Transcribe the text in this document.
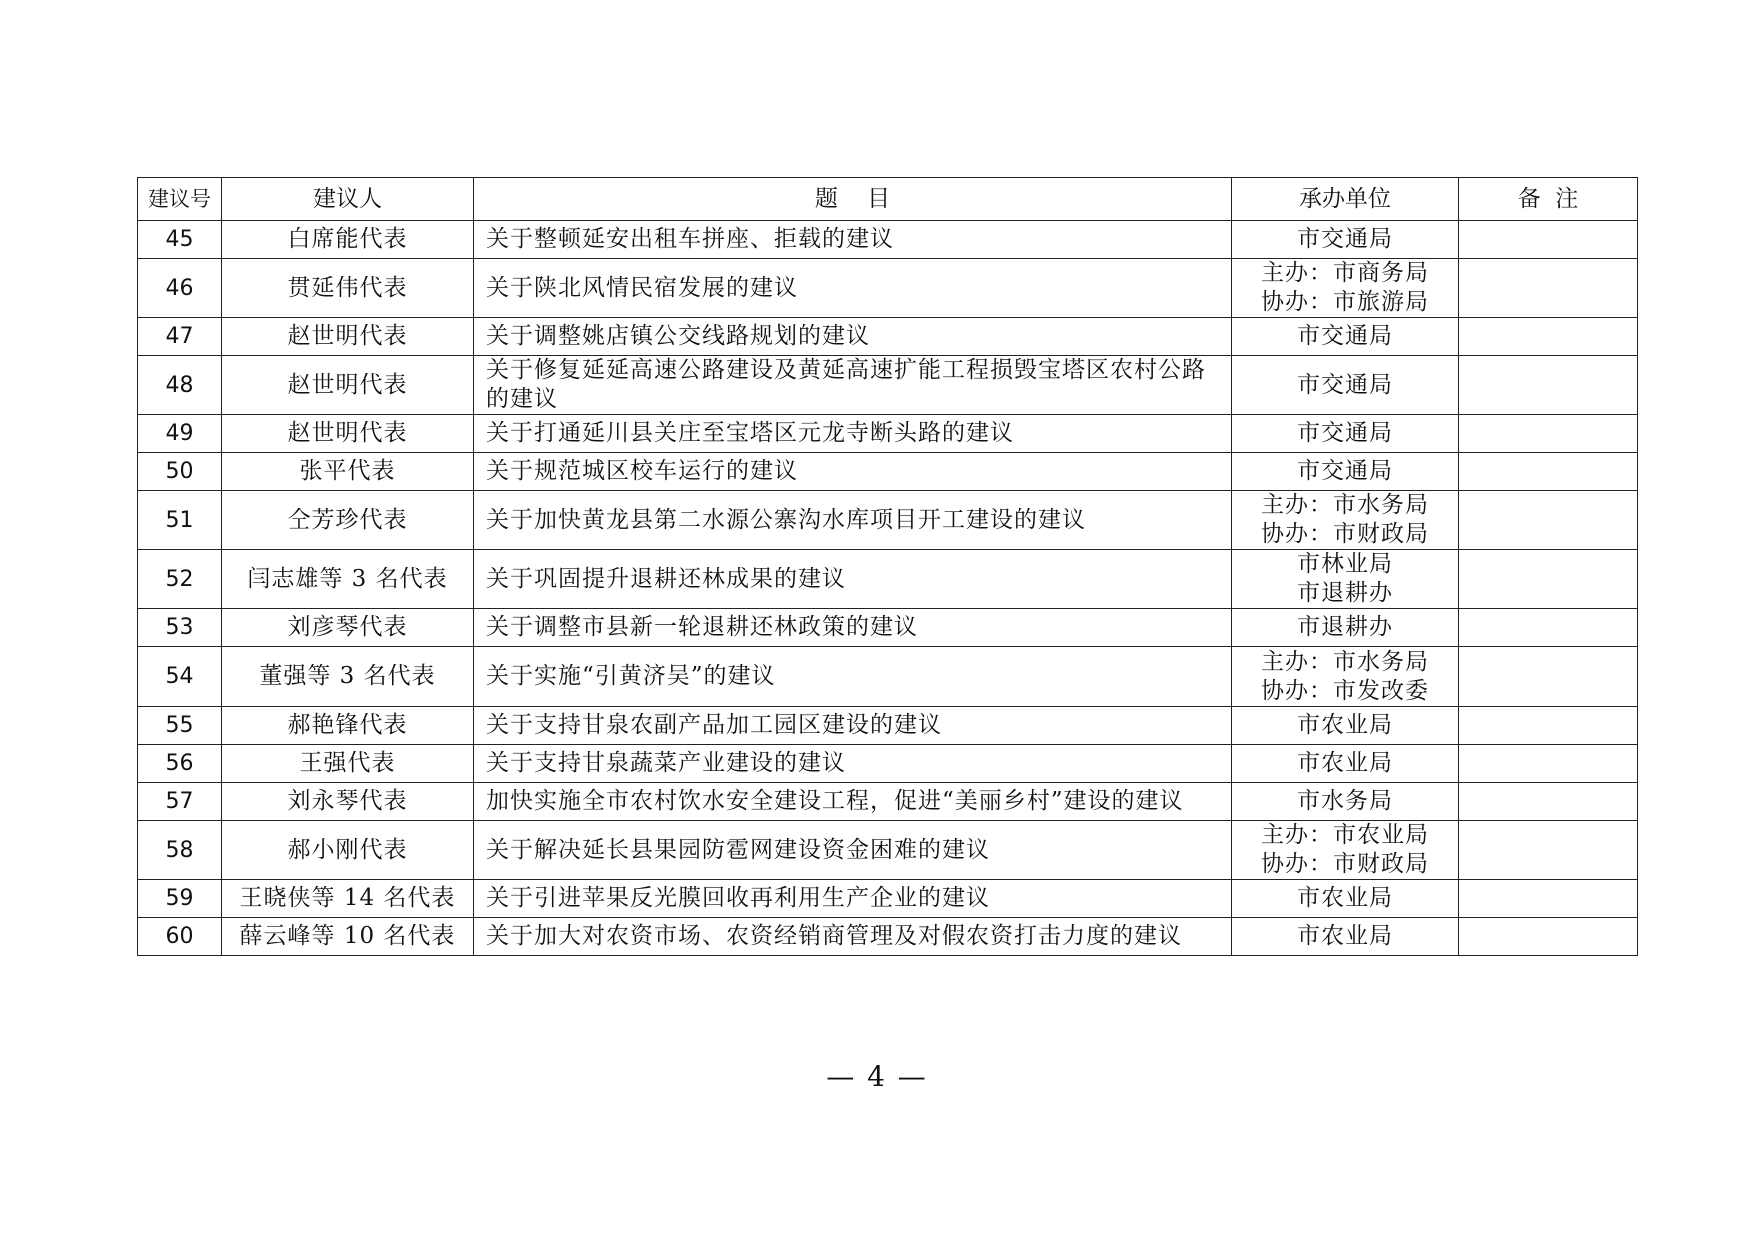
建议号	建议人	题    目	承办单位	备  注
45	白席能代表	关于整顿延安出租车拼座、拒载的建议	市交通局	
46	贯延伟代表	关于陕北风情民宿发展的建议	主办：市商务局
协办：市旅游局	
47	赵世明代表	关于调整姚店镇公交线路规划的建议	市交通局	
48	赵世明代表	关于修复延延高速公路建设及黄延高速扩能工程损毁宝塔区农村公路的建议	市交通局	
49	赵世明代表	关于打通延川县关庄至宝塔区元龙寺断头路的建议	市交通局	
50	张平代表	关于规范城区校车运行的建议	市交通局	
51	仝芳珍代表	关于加快黄龙县第二水源公寨沟水库项目开工建设的建议	主办：市水务局
协办：市财政局	
52	闫志雄等 3 名代表	关于巩固提升退耕还林成果的建议	市林业局
市退耕办	
53	刘彦琴代表	关于调整市县新一轮退耕还林政策的建议	市退耕办	
54	董强等 3 名代表	关于实施“引黄济吴”的建议	主办：市水务局
协办：市发改委	
55	郝艳锋代表	关于支持甘泉农副产品加工园区建设的建议	市农业局	
56	王强代表	关于支持甘泉蔬菜产业建设的建议	市农业局	
57	刘永琴代表	加快实施全市农村饮水安全建设工程，促进“美丽乡村”建设的建议	市水务局	
58	郝小刚代表	关于解决延长县果园防雹网建设资金困难的建议	主办：市农业局
协办：市财政局	
59	王晓侠等 14 名代表	关于引进苹果反光膜回收再利用生产企业的建议	市农业局	
60	薛云峰等 10 名代表	关于加大对农资市场、农资经销商管理及对假农资打击力度的建议	市农业局	
— 4 —
